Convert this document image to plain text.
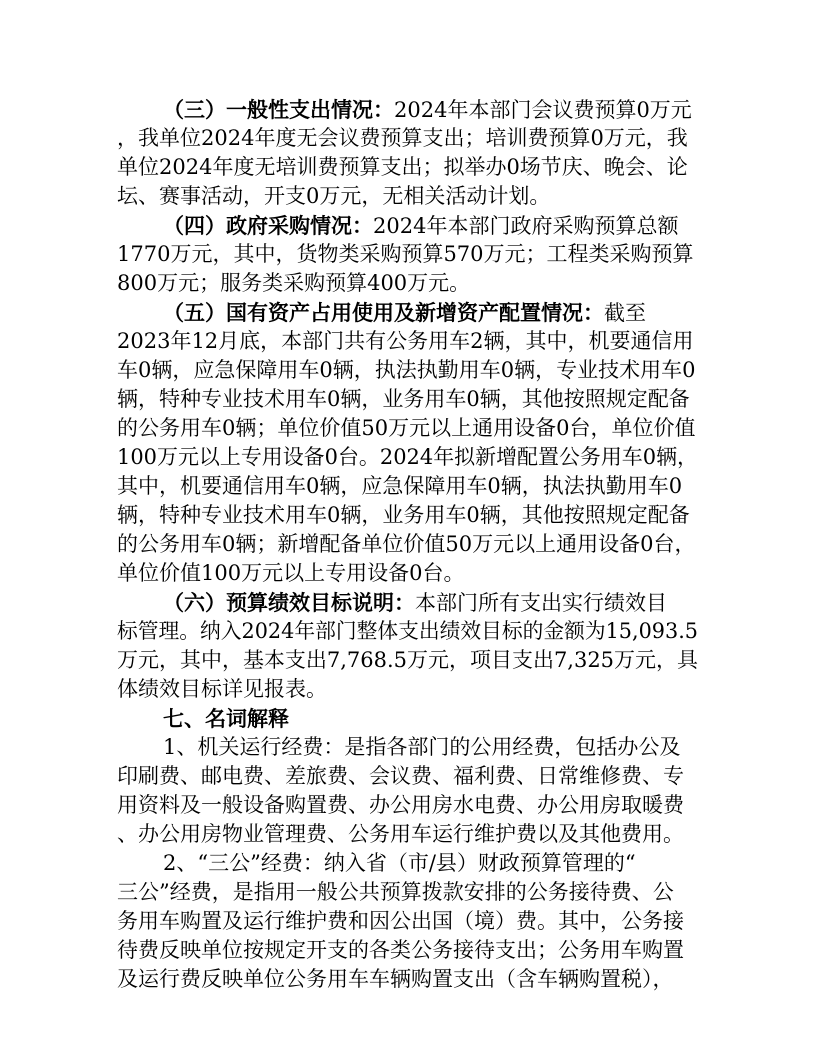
（三）一般性支出情况：2024年本部门会议费预算0万元
，我单位2024年度无会议费预算支出；培训费预算0万元，我
单位2024年度无培训费预算支出；拟举办0场节庆、晚会、论
坛、赛事活动，开支0万元，无相关活动计划。
（四）政府采购情况：2024年本部门政府采购预算总额
1770万元，其中，货物类采购预算570万元；工程类采购预算
800万元；服务类采购预算400万元。
（五）国有资产占用使用及新增资产配置情况：截至
2023年12月底，本部门共有公务用车2辆，其中，机要通信用
车0辆，应急保障用车0辆，执法执勤用车0辆，专业技术用车0
辆，特种专业技术用车0辆，业务用车0辆，其他按照规定配备
的公务用车0辆；单位价值50万元以上通用设备0台，单位价值
100万元以上专用设备0台。2024年拟新增配置公务用车0辆，
其中，机要通信用车0辆，应急保障用车0辆，执法执勤用车0
辆，特种专业技术用车0辆，业务用车0辆，其他按照规定配备
的公务用车0辆；新增配备单位价值50万元以上通用设备0台，
单位价值100万元以上专用设备0台。
（六）预算绩效目标说明：本部门所有支出实行绩效目
标管理。纳入2024年部门整体支出绩效目标的金额为15,093.5
万元，其中，基本支出7,768.5万元，项目支出7,325万元，具
体绩效目标详见报表。
七、名词解释
1、机关运行经费：是指各部门的公用经费，包括办公及
印刷费、邮电费、差旅费、会议费、福利费、日常维修费、专
用资料及一般设备购置费、办公用房水电费、办公用房取暖费
、办公用房物业管理费、公务用车运行维护费以及其他费用。
2、“三公”经费：纳入省（市/县）财政预算管理的“
三公”经费，是指用一般公共预算拨款安排的公务接待费、公
务用车购置及运行维护费和因公出国（境）费。其中，公务接
待费反映单位按规定开支的各类公务接待支出；公务用车购置
及运行费反映单位公务用车车辆购置支出（含车辆购置税），
